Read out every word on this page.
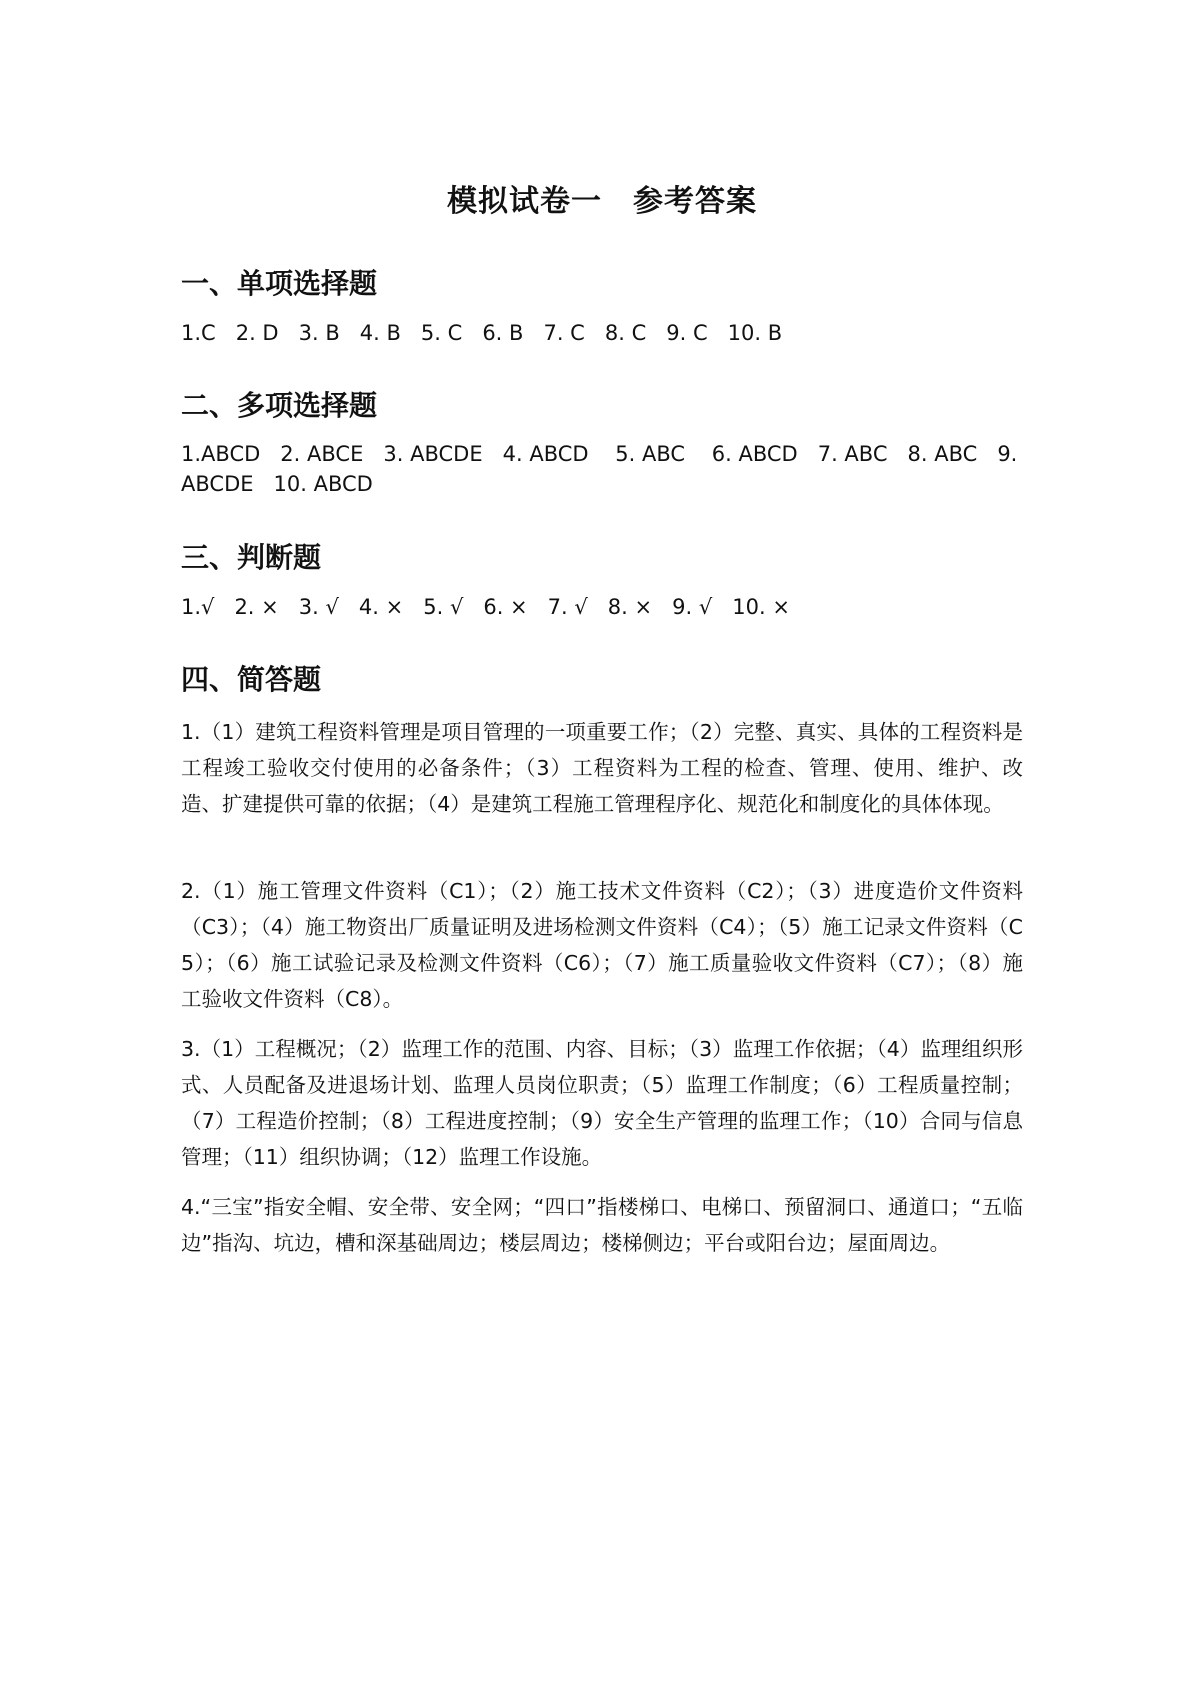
模拟试卷一　参考答案
一、单项选择题
1.C   2. D   3. B   4. B   5. C   6. B   7. C   8. C   9. C   10. B
二、多项选择题
1.ABCD   2. ABCE   3. ABCDE   4. ABCD    5. ABC    6. ABCD   7. ABC   8. ABC   9.
ABCDE   10. ABCD
三、判断题
1.√   2. ×   3. √   4. ×   5. √   6. ×   7. √   8. ×   9. √   10. ×
四、简答题
1.（1）建筑工程资料管理是项目管理的一项重要工作；（2）完整、真实、具体的工程资料是工程竣工验收交付使用的必备条件；（3）工程资料为工程的检查、管理、使用、维护、改造、扩建提供可靠的依据；（4）是建筑工程施工管理程序化、规范化和制度化的具体体现。
2.（1）施工管理文件资料（C1）；（2）施工技术文件资料（C2）；（3）进度造价文件资料（C3）；（4）施工物资出厂质量证明及进场检测文件资料（C4）；（5）施工记录文件资料（C5）；（6）施工试验记录及检测文件资料（C6）；（7）施工质量验收文件资料（C7）；（8）施工验收文件资料（C8）。
3.（1）工程概况；（2）监理工作的范围、内容、目标；（3）监理工作依据；（4）监理组织形式、人员配备及进退场计划、监理人员岗位职责；（5）监理工作制度；（6）工程质量控制；（7）工程造价控制；（8）工程进度控制；（9）安全生产管理的监理工作；（10）合同与信息管理；（11）组织协调；（12）监理工作设施。
4.“三宝”指安全帽、安全带、安全网；“四口”指楼梯口、电梯口、预留洞口、通道口；“五临边”指沟、坑边，槽和深基础周边；楼层周边；楼梯侧边；平台或阳台边；屋面周边。
